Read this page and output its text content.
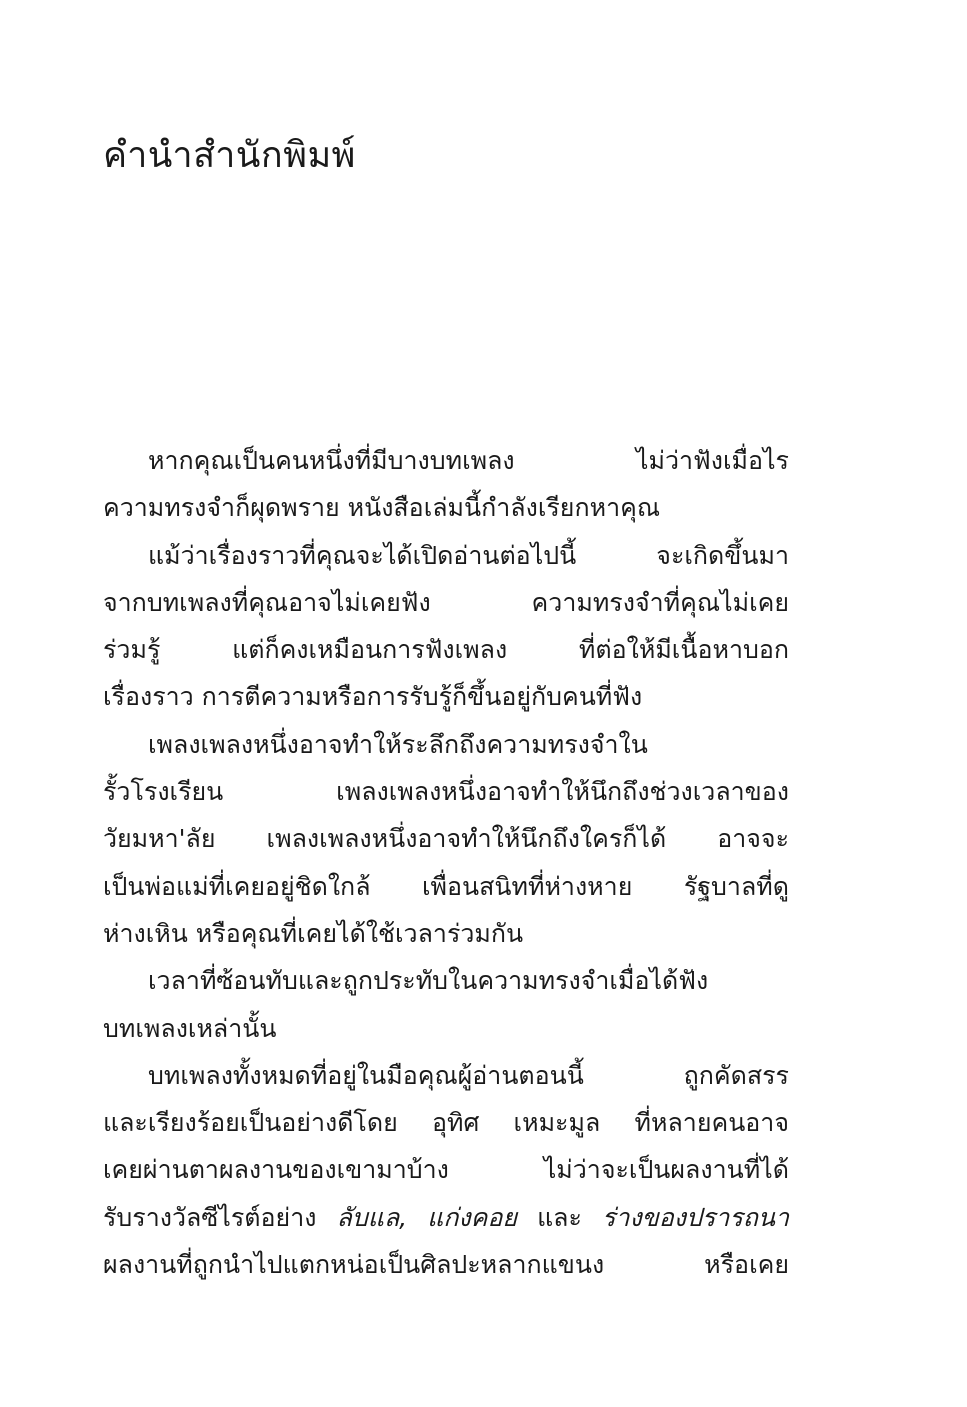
คำนำสำนักพิมพ์
หากคุณเป็นคนหนึ่งที่มีบางบทเพลง ไม่ว่าฟังเมื่อไร
ความทรงจำก็ผุดพราย หนังสือเล่มนี้กำลังเรียกหาคุณ
แม้ว่าเรื่องราวที่คุณจะได้เปิดอ่านต่อไปนี้ จะเกิดขึ้นมา
จากบทเพลงที่คุณอาจไม่เคยฟัง ความทรงจำที่คุณไม่เคย
ร่วมรู้ แต่ก็คงเหมือนการฟังเพลง ที่ต่อให้มีเนื้อหาบอก
เรื่องราว การตีความหรือการรับรู้ก็ขึ้นอยู่กับคนที่ฟัง
เพลงเพลงหนึ่งอาจทำให้ระลึกถึงความทรงจำใน
รั้วโรงเรียน เพลงเพลงหนึ่งอาจทำให้นึกถึงช่วงเวลาของ
วัยมหา'ลัย เพลงเพลงหนึ่งอาจทำให้นึกถึงใครก็ได้ อาจจะ
เป็นพ่อแม่ที่เคยอยู่ชิดใกล้ เพื่อนสนิทที่ห่างหาย รัฐบาลที่ดู
ห่างเหิน หรือคุณที่เคยได้ใช้เวลาร่วมกัน
เวลาที่ซ้อนทับและถูกประทับในความทรงจำเมื่อได้ฟัง
บทเพลงเหล่านั้น
บทเพลงทั้งหมดที่อยู่ในมือคุณผู้อ่านตอนนี้ ถูกคัดสรร
และเรียงร้อยเป็นอย่างดีโดย อุทิศ เหมะมูล ที่หลายคนอาจ
เคยผ่านตาผลงานของเขามาบ้าง ไม่ว่าจะเป็นผลงานที่ได้
รับรางวัลซีไรต์อย่าง ลับแล, แก่งคอย และ ร่างของปรารถนา
ผลงานที่ถูกนำไปแตกหน่อเป็นศิลปะหลากแขนง หรือเคย
